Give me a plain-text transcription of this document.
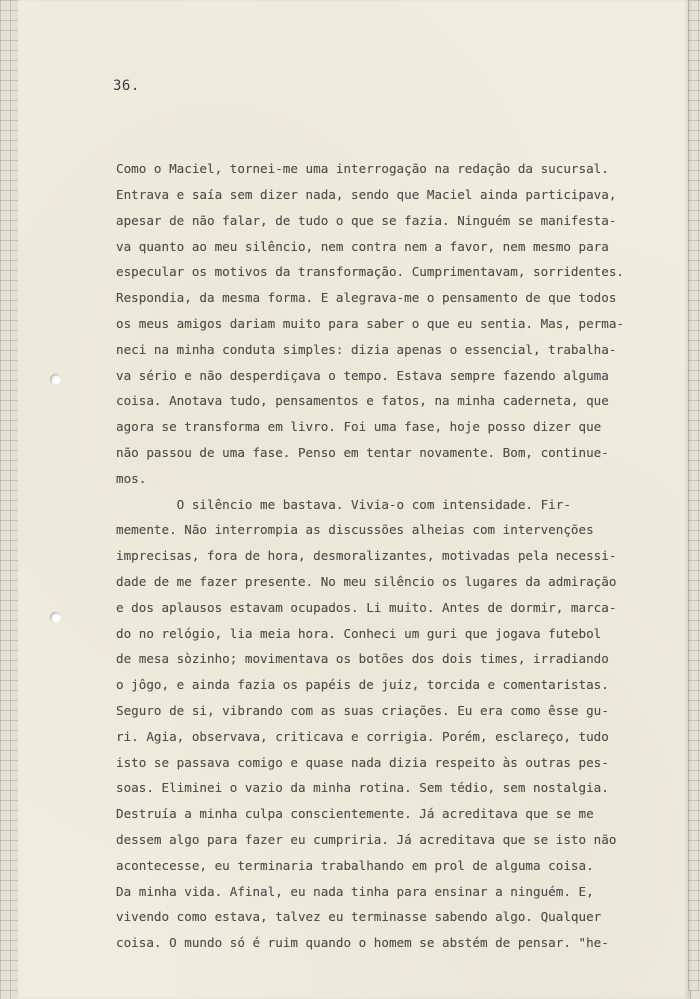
36.

Como o Maciel, tornei-me uma interrogação na redação da sucursal.

Entrava e saía sem dizer nada, sendo que Maciel ainda participava,

apesar de não falar, de tudo o que se fazia. Ninguém se manifesta-

va quanto ao meu silêncio, nem contra nem a favor, nem mesmo para

especular os motivos da transformação. Cumprimentavam, sorridentes.

Respondia, da mesma forma. E alegrava-me o pensamento de que todos

os meus amigos dariam muito para saber o que eu sentia. Mas, perma-

neci na minha conduta simples: dizia apenas o essencial, trabalha-

va sério e não desperdiçava o tempo. Estava sempre fazendo alguma

coisa. Anotava tudo, pensamentos e fatos, na minha caderneta, que

agora se transforma em livro. Foi uma fase, hoje posso dizer que

não passou de uma fase. Penso em tentar novamente. Bom, continue-

mos.

O silêncio me bastava. Vivia-o com intensidade. Fir-

memente. Não interrompia as discussões alheias com intervenções

imprecisas, fora de hora, desmoralizantes, motivadas pela necessi-

dade de me fazer presente. No meu silêncio os lugares da admiração

e dos aplausos estavam ocupados. Li muito. Antes de dormir, marca-

do no relógio, lia meia hora. Conheci um guri que jogava futebol

de mesa sòzinho; movimentava os botões dos dois times, irradiando

o jôgo, e ainda fazia os papéis de juiz, torcida e comentaristas.

Seguro de si, vibrando com as suas criações. Eu era como êsse gu-

ri. Agia, observava, criticava e corrigia. Porém, esclareço, tudo

isto se passava comigo e quase nada dizia respeito às outras pes-

soas. Eliminei o vazio da minha rotina. Sem tédio, sem nostalgia.

Destruía a minha culpa conscientemente. Já acreditava que se me

dessem algo para fazer eu cumpriria. Já acreditava que se isto não

acontecesse, eu terminaria trabalhando em prol de alguma coisa.

Da minha vida. Afinal, eu nada tinha para ensinar a ninguém. E,

vivendo como estava, talvez eu terminasse sabendo algo. Qualquer

coisa. O mundo só é ruim quando o homem se abstém de pensar. "he-
